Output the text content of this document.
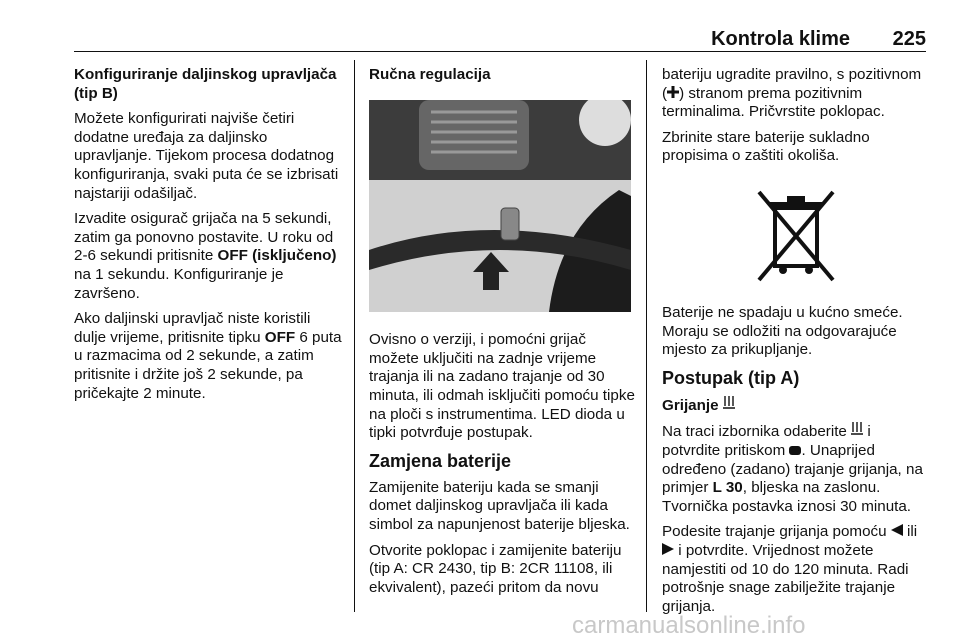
Kontrola klime 225

Konfiguriranje daljinskog upravljača (tip B)

Možete konfigurirati najviše četiri dodatne uređaja za daljinsko upravljanje. Tijekom procesa dodatnog konfiguriranja, svaki puta će se izbrisati najstariji odašiljač.

Izvadite osigurač grijača na 5 sekundi, zatim ga ponovno postavite. U roku od 2-6 sekundi pritisnite OFF (isključeno) na 1 sekundu. Konfiguriranje je završeno.

Ako daljinski upravljač niste koristili dulje vrijeme, pritisnite tipku OFF 6 puta u razmacima od 2 sekunde, a zatim pritisnite i držite još 2 sekunde, pa pričekajte 2 minute.

Ručna regulacija

Ovisno o verziji, i pomoćni grijač možete uključiti na zadnje vrijeme trajanja ili na zadano trajanje od 30 minuta, ili odmah isključiti pomoću tipke na ploči s instrumentima. LED dioda u tipki potvrđuje postupak.

Zamjena baterije

Zamijenite bateriju kada se smanji domet daljinskog upravljača ili kada simbol za napunjenost baterije bljeska.

Otvorite poklopac i zamijenite bateriju (tip A: CR 2430, tip B: 2CR 11108, ili ekvivalent), pazeći pritom da novu

bateriju ugradite pravilno, s pozitivnom ( ) stranom prema pozitivnim terminalima. Pričvrstite poklopac.

Zbrinite stare baterije sukladno propisima o zaštiti okoliša.

Baterije ne spadaju u kućno smeće. Moraju se odložiti na odgovarajuće mjesto za prikupljanje.

Postupak (tip A)

Grijanje

Na traci izbornika odaberite  i potvrdite pritiskom . Unaprijed određeno (zadano) trajanje grijanja, na primjer L 30, bljeska na zaslonu. Tvornička postavka iznosi 30 minuta.

Podesite trajanje grijanja pomoću  ili  i potvrdite. Vrijednost možete namjestiti od 10 do 120 minuta. Radi potrošnje snage zabilježite trajanje grijanja.

carmanualsonline.info
